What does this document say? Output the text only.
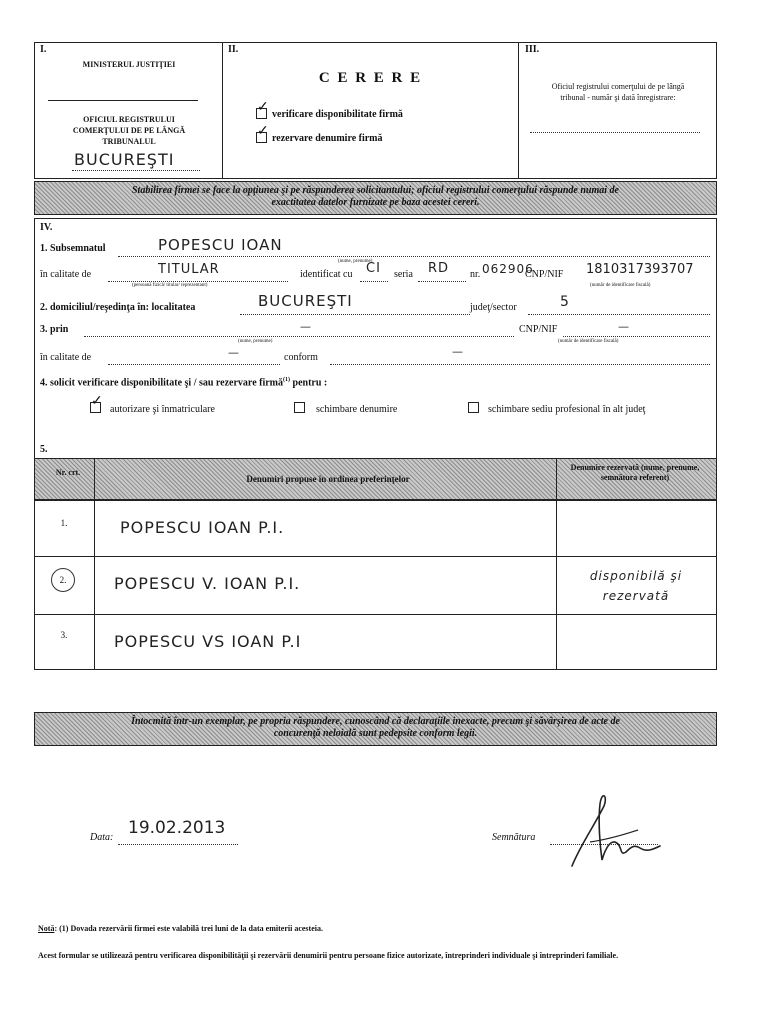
I.
MINISTERUL JUSTIŢIEI
OFICIUL REGISTRULUI
COMERŢULUI DE PE LÂNGĂ
TRIBUNALUL
BUCUREŞTI
II.
C E R E R E
✓ verificare disponibilitate firmă
✓ rezervare denumire firmă
III.
Oficiul registrului comerţului de pe lângă
tribunal - număr şi dată înregistrare:
Stabilirea firmei se face la opţiunea şi pe răspunderea solicitantului; oficiul registrului comerţului răspunde numai de
exactitatea datelor furnizate pe baza acestei cereri.
IV.
1. Subsemnatul	POPESCU IOAN
(nume, prenume)
în calitate de	TITULAR
(persoană fizică/ titular/ reprezentant)
identificat cu CI seria RD nr. 062906
CNP/NIF 1810317393707
(număr de identificare fiscală)
2. domiciliul/reşedinţa în: localitatea	BUCUREŞTI	judeţ/sector	5
3. prin	—
(nume, prenume)
CNP/NIF	—
(număr de identificare fiscală)
în calitate de	—	conform	—
4. solicit verificare disponibilitate şi / sau rezervare firmă$^{(1)}$ pentru :
✓
autorizare şi înmatriculare	schimbare denumire	schimbare sediu profesional în alt judeţ
5.
Nr. crt.
Denumiri propuse în ordinea preferinţelor
Denumire rezervată (nume, prenume, semnătura referent)
1.	POPESCU IOAN P.I.
2.	POPESCU V. IOAN P.I.	disponibilă şi rezervată
3.	POPESCU VS IOAN P.I
Întocmită într-un exemplar, pe propria răspundere, cunoscând că declaraţiile inexacte, precum şi săvârşirea de acte de
concurenţă neloială sunt pedepsite conform legii.
Data: 19.02.2013	Semnătura
Notă: (1) Dovada rezervării firmei este valabilă trei luni de la data emiterii acesteia.
Acest formular se utilizează pentru verificarea disponibilităţii şi rezervării denumirii pentru persoane fizice autorizate, întreprinderi individuale şi întreprinderi familiale.
